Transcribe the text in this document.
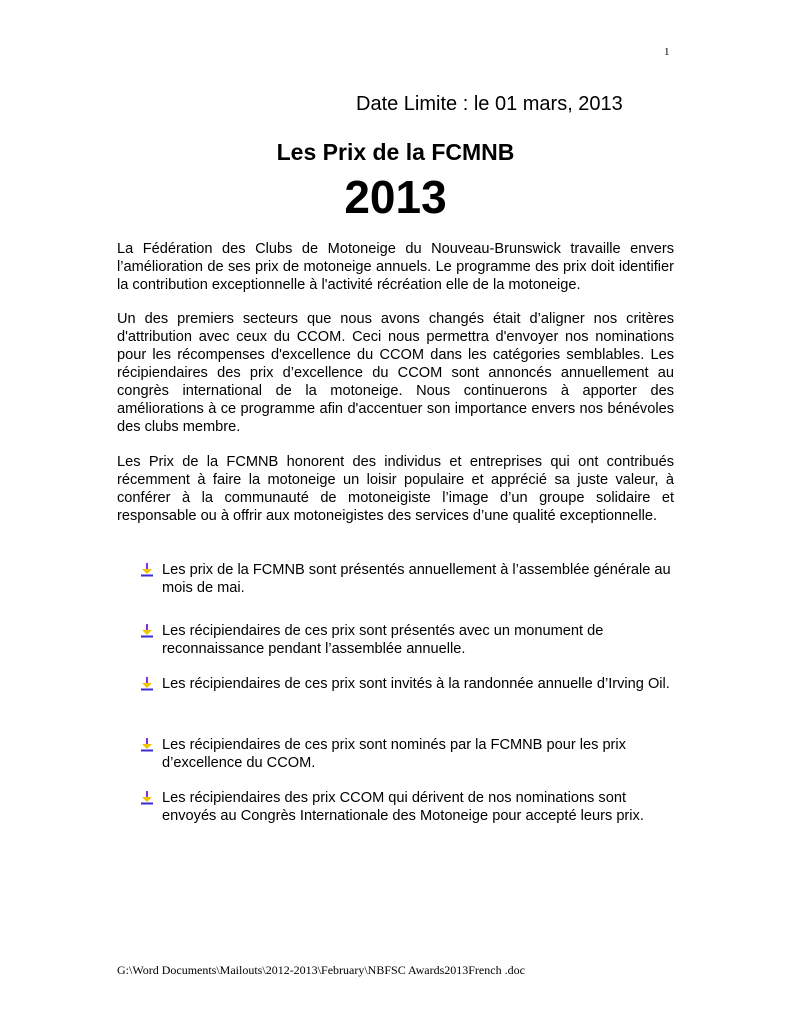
1
Date Limite : le 01 mars, 2013
Les Prix de la FCMNB
2013

La Fédération des Clubs de Motoneige du Nouveau-Brunswick travaille envers l’amélioration de ses prix de motoneige annuels. Le programme des prix doit identifier la contribution exceptionnelle à l'activité récréation elle de la motoneige.

Un des premiers secteurs que nous avons changés était d’aligner nos critères d'attribution avec ceux du CCOM. Ceci nous permettra d'envoyer nos nominations pour les récompenses d'excellence du CCOM dans les catégories semblables. Les récipiendaires des prix d’excellence du CCOM sont annoncés annuellement au congrès international de la motoneige. Nous continuerons à apporter des améliorations à ce programme afin d'accentuer son importance envers nos bénévoles des clubs membre.

Les Prix de la FCMNB honorent des individus et entreprises qui ont contribués récemment à faire la motoneige un loisir populaire et apprécié sa juste valeur, à conférer à la communauté de motoneigiste l’image d’un groupe solidaire et responsable ou à offrir aux motoneigistes des services d’une qualité exceptionnelle.

Les prix de la FCMNB sont présentés annuellement à l’assemblée générale au mois de mai.
Les récipiendaires de ces prix sont présentés avec un monument de reconnaissance pendant l’assemblée annuelle.
Les récipiendaires de ces prix sont invités à la randonnée annuelle d’Irving Oil.
Les récipiendaires de ces prix sont nominés par la FCMNB pour les prix d’excellence du CCOM.
Les récipiendaires des prix CCOM qui dérivent de nos nominations sont envoyés au Congrès Internationale des Motoneige pour accepté leurs prix.
G:\Word Documents\Mailouts\2012-2013\February\NBFSC Awards2013French .doc
